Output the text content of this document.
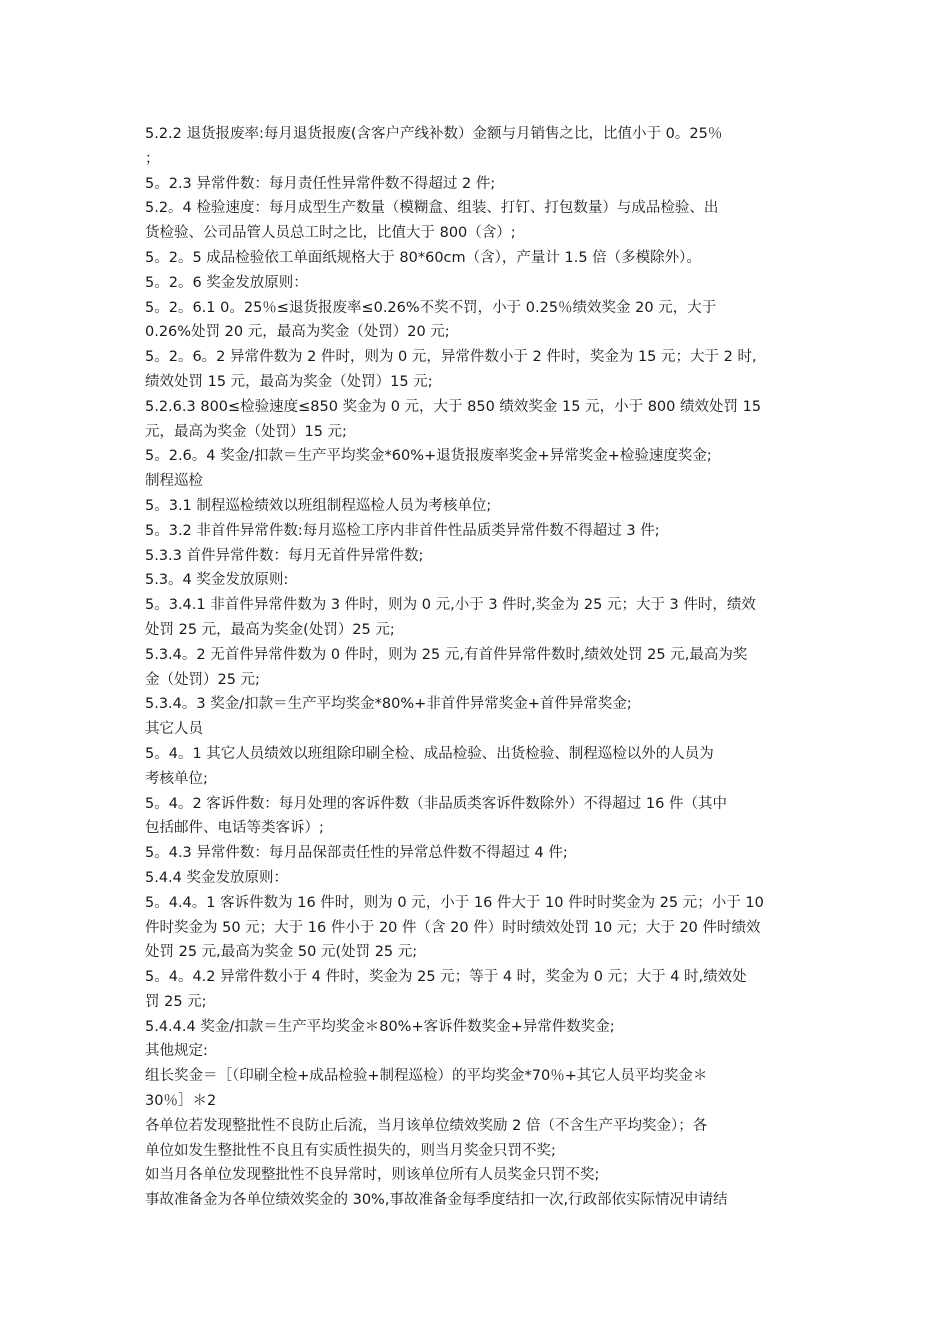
5.2.2 退货报废率:每月退货报废(含客户产线补数）金额与月销售之比，比值小于 0。25％
；
5。2.3 异常件数：每月责任性异常件数不得超过 2 件;
5.2。4 检验速度：每月成型生产数量（模糊盒、组装、打钉、打包数量）与成品检验、出
货检验、公司品管人员总工时之比，比值大于 800（含）;
5。2。5 成品检验依工单面纸规格大于 80*60cm（含），产量计 1.5 倍（多模除外）。
5。2。6 奖金发放原则：
5。2。6.1 0。25％≤退货报废率≤0.26%不奖不罚，小于 0.25％绩效奖金 20 元，大于
0.26%处罚 20 元，最高为奖金（处罚）20 元;
5。2。6。2 异常件数为 2 件时，则为 0 元，异常件数小于 2 件时，奖金为 15 元；大于 2 时,
绩效处罚 15 元，最高为奖金（处罚）15 元;
5.2.6.3 800≤检验速度≤850 奖金为 0 元，大于 850 绩效奖金 15 元，小于 800 绩效处罚 15
元，最高为奖金（处罚）15 元;
5。2.6。4 奖金/扣款＝生产平均奖金*60%+退货报废率奖金+异常奖金+检验速度奖金;
制程巡检
5。3.1 制程巡检绩效以班组制程巡检人员为考核单位;
5。3.2 非首件异常件数:每月巡检工序内非首件性品质类异常件数不得超过 3 件;
5.3.3 首件异常件数：每月无首件异常件数;
5.3。4 奖金发放原则:
5。3.4.1 非首件异常件数为 3 件时，则为 0 元,小于 3 件时,奖金为 25 元；大于 3 件时，绩效
处罚 25 元，最高为奖金(处罚）25 元;
5.3.4。2 无首件异常件数为 0 件时，则为 25 元,有首件异常件数时,绩效处罚 25 元,最高为奖
金（处罚）25 元;
5.3.4。3 奖金/扣款＝生产平均奖金*80%+非首件异常奖金+首件异常奖金;
其它人员
5。4。1 其它人员绩效以班组除印刷全检、成品检验、出货检验、制程巡检以外的人员为
考核单位;
5。4。2 客诉件数：每月处理的客诉件数（非品质类客诉件数除外）不得超过 16 件（其中
包括邮件、电话等类客诉）;
5。4.3 异常件数：每月品保部责任性的异常总件数不得超过 4 件;
5.4.4 奖金发放原则：
5。4.4。1 客诉件数为 16 件时，则为 0 元，小于 16 件大于 10 件时时奖金为 25 元；小于 10
件时奖金为 50 元；大于 16 件小于 20 件（含 20 件）时时绩效处罚 10 元；大于 20 件时绩效
处罚 25 元,最高为奖金 50 元(处罚 25 元;
5。4。4.2 异常件数小于 4 件时，奖金为 25 元；等于 4 时，奖金为 0 元；大于 4 时,绩效处
罚 25 元;
5.4.4.4 奖金/扣款＝生产平均奖金＊80%+客诉件数奖金+异常件数奖金;
其他规定:
组长奖金＝［（印刷全检+成品检验+制程巡检）的平均奖金*70％+其它人员平均奖金＊
30％］＊2
各单位若发现整批性不良防止后流，当月该单位绩效奖励 2 倍（不含生产平均奖金）；各
单位如发生整批性不良且有实质性损失的，则当月奖金只罚不奖;
如当月各单位发现整批性不良异常时，则该单位所有人员奖金只罚不奖;
事故准备金为各单位绩效奖金的 30%,事故准备金每季度结扣一次,行政部依实际情况申请结
